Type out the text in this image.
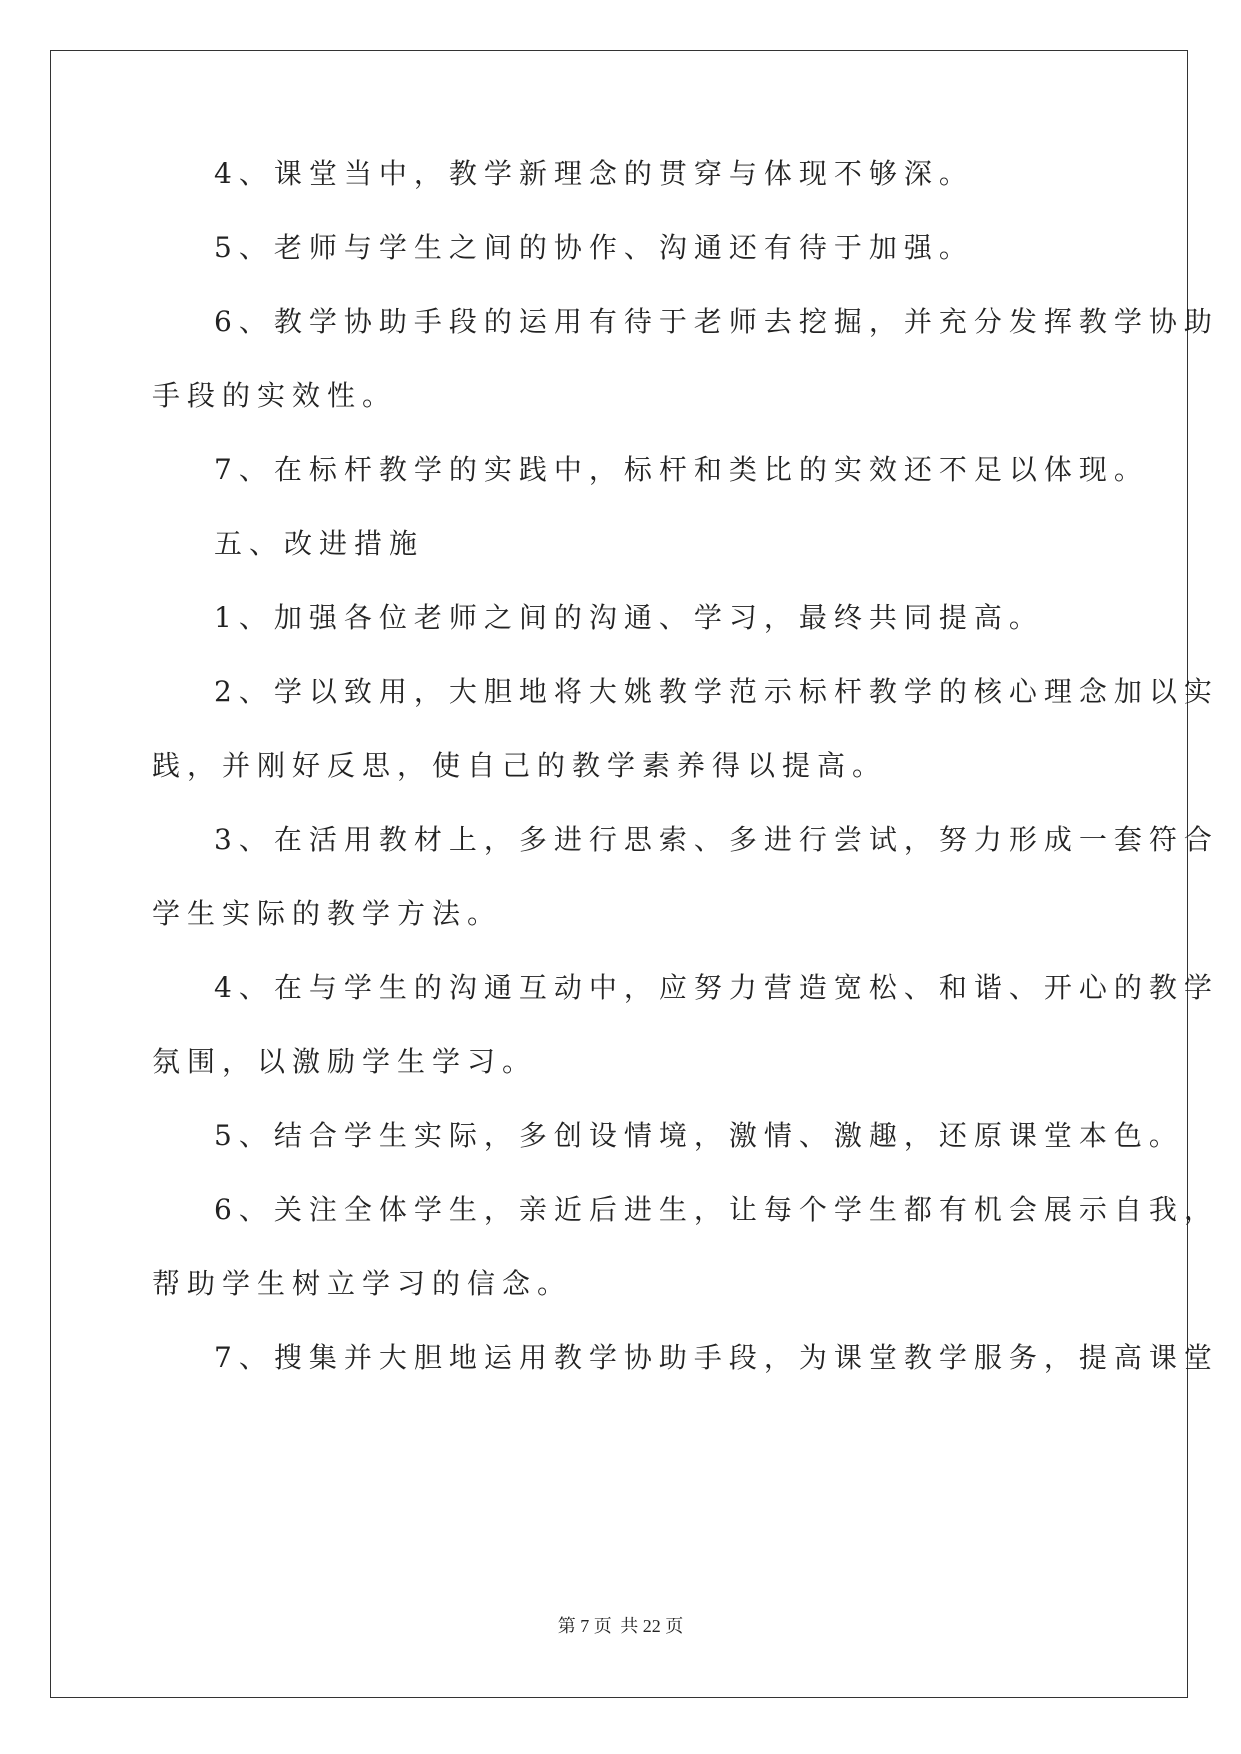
4、课堂当中，教学新理念的贯穿与体现不够深。
5、老师与学生之间的协作、沟通还有待于加强。
6、教学协助手段的运用有待于老师去挖掘，并充分发挥教学协助
手段的实效性。
7、在标杆教学的实践中，标杆和类比的实效还不足以体现。
五、改进措施
1、加强各位老师之间的沟通、学习，最终共同提高。
2、学以致用，大胆地将大姚教学范示标杆教学的核心理念加以实
践，并刚好反思，使自己的教学素养得以提高。
3、在活用教材上，多进行思索、多进行尝试，努力形成一套符合
学生实际的教学方法。
4、在与学生的沟通互动中，应努力营造宽松、和谐、开心的教学
氛围，以激励学生学习。
5、结合学生实际，多创设情境，激情、激趣，还原课堂本色。
6、关注全体学生，亲近后进生，让每个学生都有机会展示自我，
帮助学生树立学习的信念。
7、搜集并大胆地运用教学协助手段，为课堂教学服务，提高课堂
第 7 页 共 22 页
